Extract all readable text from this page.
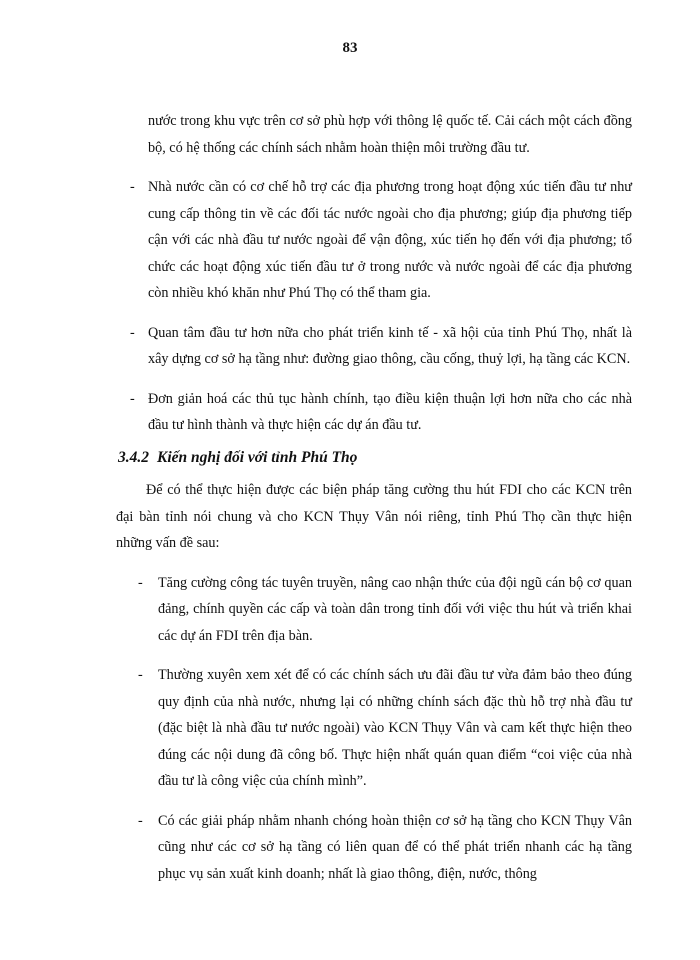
83

nước trong khu vực trên cơ sở phù hợp với thông lệ quốc tế. Cải cách một cách đồng bộ, có hệ thống các chính sách nhằm hoàn thiện môi trường đầu tư.

- Nhà nước cần có cơ chế hỗ trợ các địa phương trong hoạt động xúc tiến đầu tư như cung cấp thông tin về các đối tác nước ngoài cho địa phương; giúp địa phương tiếp cận với các nhà đầu tư nước ngoài để vận động, xúc tiến họ đến với địa phương; tổ chức các hoạt động xúc tiến đầu tư ở trong nước và nước ngoài để các địa phương còn nhiều khó khăn như Phú Thọ có thể tham gia.

- Quan tâm đầu tư hơn nữa cho phát triển kinh tế - xã hội của tỉnh Phú Thọ, nhất là xây dựng cơ sở hạ tầng như: đường giao thông, cầu cống, thuỷ lợi, hạ tầng các KCN.

- Đơn giản hoá các thủ tục hành chính, tạo điều kiện thuận lợi hơn nữa cho các nhà đầu tư hình thành và thực hiện các dự án đầu tư.

3.4.2 Kiến nghị đối với tỉnh Phú Thọ

Để có thể thực hiện được các biện pháp tăng cường thu hút FDI cho các KCN trên đại bàn tỉnh nói chung và cho KCN Thụy Vân nói riêng, tỉnh Phú Thọ cần thực hiện những vấn đề sau:

- Tăng cường công tác tuyên truyền, nâng cao nhận thức của đội ngũ cán bộ cơ quan đảng, chính quyền các cấp và toàn dân trong tỉnh đối với việc thu hút và triển khai các dự án FDI trên địa bàn.

- Thường xuyên xem xét để có các chính sách ưu đãi đầu tư vừa đảm bảo theo đúng quy định của nhà nước, nhưng lại có những chính sách đặc thù hỗ trợ nhà đầu tư (đặc biệt là nhà đầu tư nước ngoài) vào KCN Thụy Vân và cam kết thực hiện theo đúng các nội dung đã công bố. Thực hiện nhất quán quan điểm “coi việc của nhà đầu tư là công việc của chính mình”.

- Có các giải pháp nhằm nhanh chóng hoàn thiện cơ sở hạ tầng cho KCN Thụy Vân cũng như các cơ sở hạ tầng có liên quan để có thể phát triển nhanh các hạ tầng phục vụ sản xuất kinh doanh; nhất là giao thông, điện, nước, thông
